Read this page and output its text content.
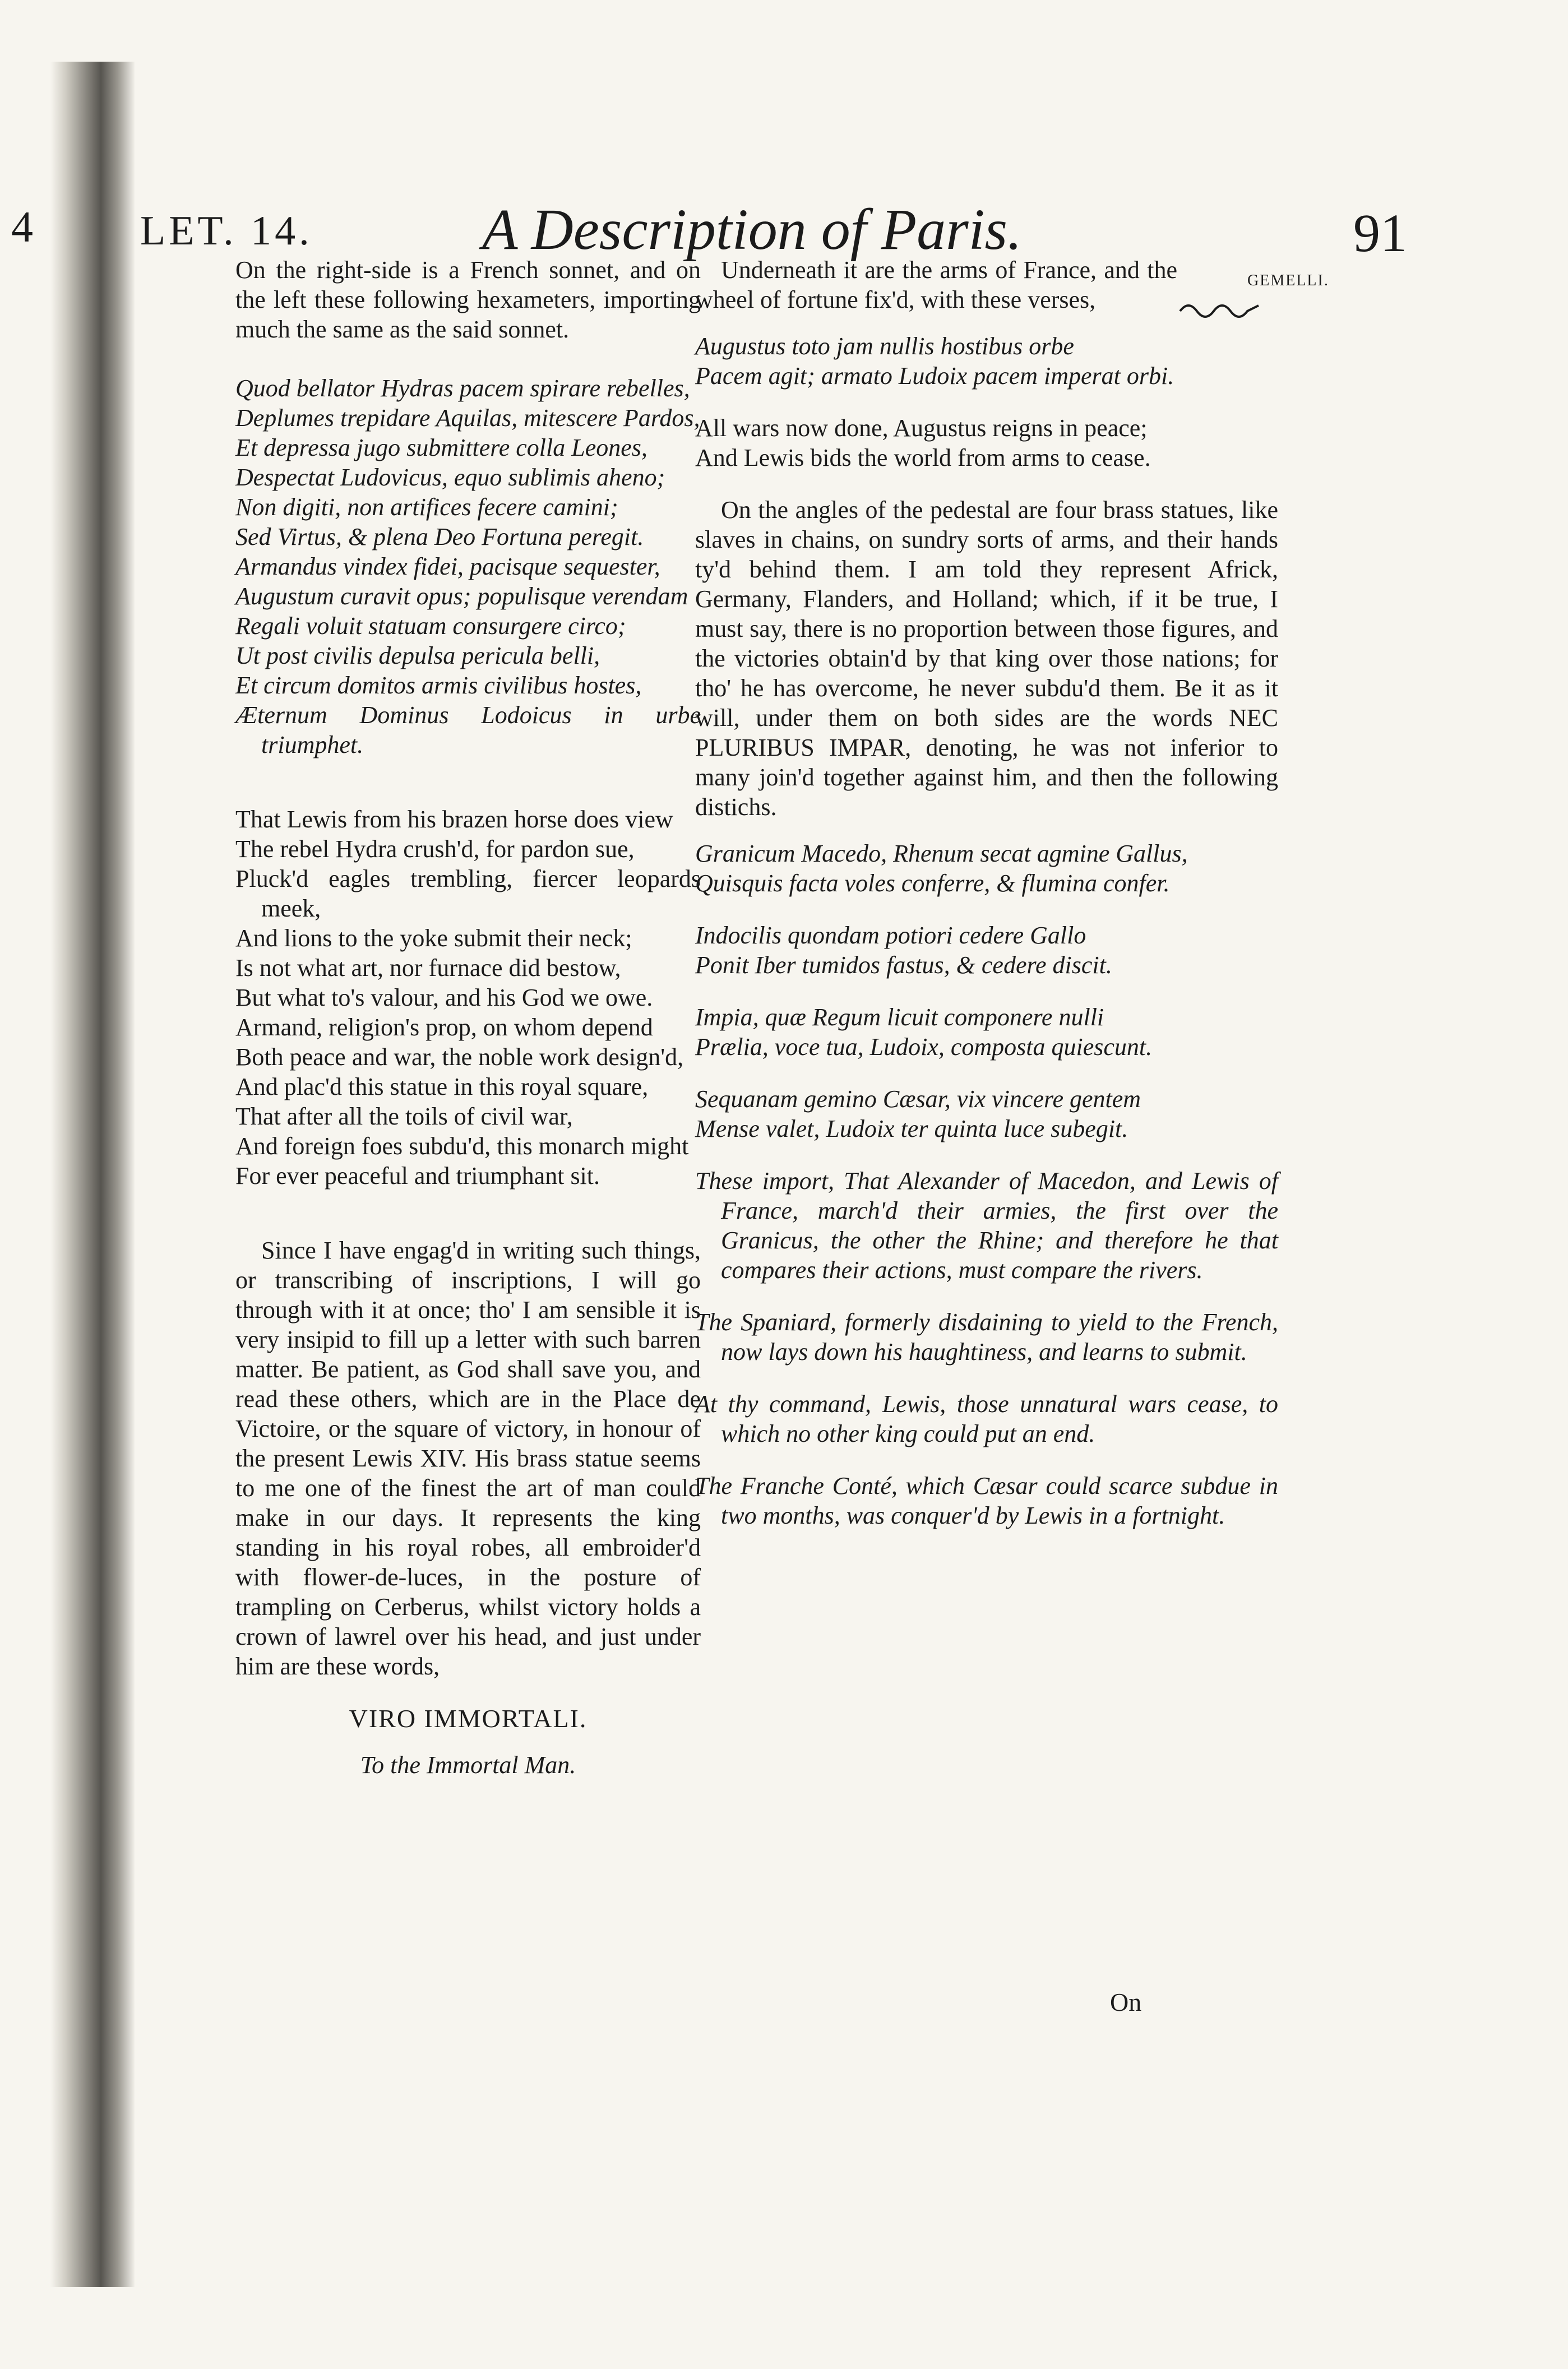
4	LET. 14.	A Description of Paris.	91
GEMELLI.

On the right-side is a French sonnet, and on the left these following hexameters, importing much the same as the said sonnet.

Quod bellator Hydras pacem spirare rebelles,

Deplumes trepidare Aquilas, mitescere Pardos,

Et depressa jugo submittere colla Leones,

Despectat Ludovicus, equo sublimis aheno;

Non digiti, non artifices fecere camini;

Sed Virtus, & plena Deo Fortuna peregit.

Armandus vindex fidei, pacisque sequester,

Augustum curavit opus; populisque verendam

Regali voluit statuam consurgere circo;

Ut post civilis depulsa pericula belli,

Et circum domitos armis civilibus hostes,

Æternum Dominus Lodoicus in urbe triumphet.

That Lewis from his brazen horse does view

The rebel Hydra crush'd, for pardon sue,

Pluck'd eagles trembling, fiercer leopards meek,

And lions to the yoke submit their neck;

Is not what art, nor furnace did bestow,

But what to's valour, and his God we owe.

Armand, religion's prop, on whom depend

Both peace and war, the noble work design'd,

And plac'd this statue in this royal square,

That after all the toils of civil war,

And foreign foes subdu'd, this monarch might

For ever peaceful and triumphant sit.

Since I have engag'd in writing such things, or transcribing of inscriptions, I will go through with it at once; tho' I am sensible it is very insipid to fill up a letter with such barren matter. Be patient, as God shall save you, and read these others, which are in the Place de Victoire, or the square of victory, in honour of the present Lewis XIV. His brass statue seems to me one of the finest the art of man could make in our days. It represents the king standing in his royal robes, all embroider'd with flower-de-luces, in the posture of trampling on Cerberus, whilst victory holds a crown of lawrel over his head, and just under him are these words,

VIRO IMMORTALI.

To the Immortal Man.

Underneath it are the arms of France, and the wheel of fortune fix'd, with these verses,

Augustus toto jam nullis hostibus orbe

Pacem agit; armato Ludoix pacem imperat orbi.

All wars now done, Augustus reigns in peace;

And Lewis bids the world from arms to cease.

On the angles of the pedestal are four brass statues, like slaves in chains, on sundry sorts of arms, and their hands ty'd behind them. I am told they represent Africk, Germany, Flanders, and Holland; which, if it be true, I must say, there is no proportion between those figures, and the victories obtain'd by that king over those nations; for tho' he has overcome, he never subdu'd them. Be it as it will, under them on both sides are the words NEC PLURIBUS IMPAR, denoting, he was not inferior to many join'd together against him, and then the following distichs.

Granicum Macedo, Rhenum secat agmine Gallus,

Quisquis facta voles conferre, & flumina confer.

Indocilis quondam potiori cedere Gallo

Ponit Iber tumidos fastus, & cedere discit.

Impia, quæ Regum licuit componere nulli

Prælia, voce tua, Ludoix, composta quiescunt.

Sequanam gemino Cæsar, vix vincere gentem

Mense valet, Ludoix ter quinta luce subegit.

These import, That Alexander of Macedon, and Lewis of France, march'd their armies, the first over the Granicus, the other the Rhine; and therefore he that compares their actions, must compare the rivers.

The Spaniard, formerly disdaining to yield to the French, now lays down his haughtiness, and learns to submit.

At thy command, Lewis, those unnatural wars cease, to which no other king could put an end.

The Franche Conté, which Cæsar could scarce subdue in two months, was conquer'd by Lewis in a fortnight.

On
